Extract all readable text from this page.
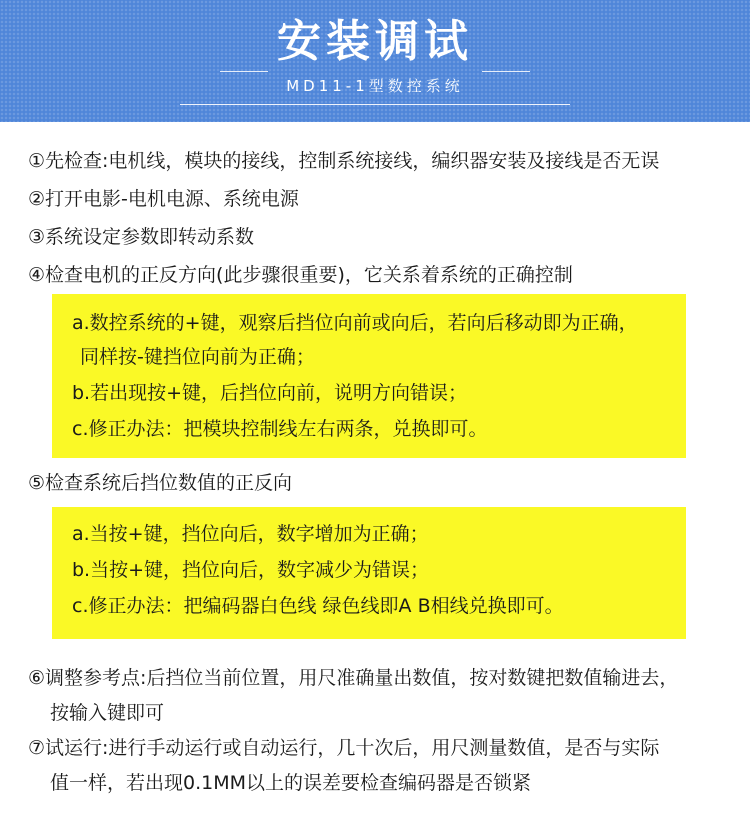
安装调试
MD11-1型数控系统
①先检查:电机线，模块的接线，控制系统接线，编织器安装及接线是否无误
②打开电影-电机电源、系统电源
③系统设定参数即转动系数
④检查电机的正反方向(此步骤很重要)，它关系着系统的正确控制
a.数控系统的+键，观察后挡位向前或向后，若向后移动即为正确，
同样按-键挡位向前为正确；
b.若出现按+键，后挡位向前，说明方向错误；
c.修正办法：把模块控制线左右两条，兑换即可。
⑤检查系统后挡位数值的正反向
a.当按+键，挡位向后，数字增加为正确；
b.当按+键，挡位向后，数字减少为错误；
c.修正办法：把编码器白色线 绿色线即A B相线兑换即可。
⑥调整参考点:后挡位当前位置，用尺准确量出数值，按对数键把数值输进去，
按输入键即可
⑦试运行:进行手动运行或自动运行，几十次后，用尺测量数值，是否与实际
值一样，若出现0.1MM以上的误差要检查编码器是否锁紧
